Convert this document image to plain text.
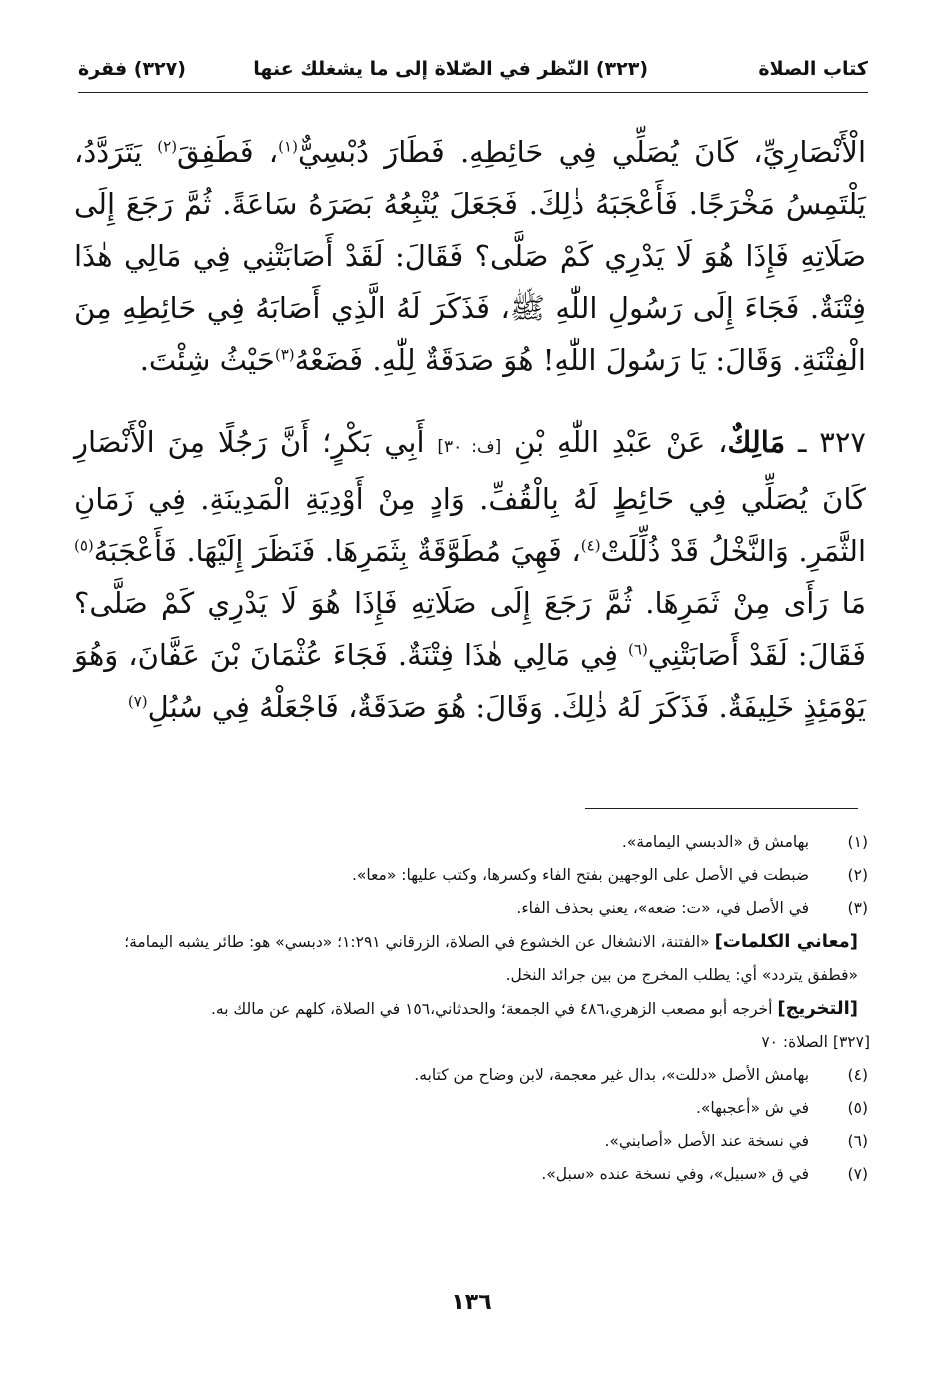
كتاب الصلاة
(٣٢٣) النّظر في الصّلاة إلى ما يشغلك عنها
(٣٢٧) فقرة

الْأَنْصَارِيِّ، كَانَ يُصَلِّي فِي حَائِطِهِ. فَطَارَ دُبْسِيٌّ$^{(١)}$، فَطَفِقَ$^{(٢)}$ يَتَرَدَّدُ، يَلْتَمِسُ مَخْرَجًا. فَأَعْجَبَهُ ذٰلِكَ. فَجَعَلَ يُتْبِعُهُ بَصَرَهُ سَاعَةً. ثُمَّ رَجَعَ إِلَى صَلَاتِهِ فَإِذَا هُوَ لَا يَدْرِي كَمْ صَلَّى؟ فَقَالَ: لَقَدْ أَصَابَتْنِي فِي مَالِي هٰذَا فِتْنَةٌ. فَجَاءَ إِلَى رَسُولِ اللّٰهِ ﷺ، فَذَكَرَ لَهُ الَّذِي أَصَابَهُ فِي حَائِطِهِ مِنَ الْفِتْنَةِ. وَقَالَ: يَا رَسُولَ اللّٰهِ! هُوَ صَدَقَةٌ لِلّٰهِ. فَضَعْهُ$^{(٣)}$حَيْثُ شِئْتَ.

٣٢٧ ـ مَالِكٌ، عَنْ عَبْدِ اللّٰهِ بْنِ [ف: ٣٠] أَبِي بَكْرٍ؛ أَنَّ رَجُلًا مِنَ الْأَنْصَارِ كَانَ يُصَلِّي فِي حَائِطٍ لَهُ بِالْقُفِّ. وَادٍ مِنْ أَوْدِيَةِ الْمَدِينَةِ. فِي زَمَانِ الثَّمَرِ. وَالنَّخْلُ قَدْ ذُلِّلَتْ$^{(٤)}$، فَهِيَ مُطَوَّقَةٌ بِثَمَرِهَا. فَنَظَرَ إِلَيْهَا. فَأَعْجَبَهُ$^{(٥)}$ مَا رَأَى مِنْ ثَمَرِهَا. ثُمَّ رَجَعَ إِلَى صَلَاتِهِ فَإِذَا هُوَ لَا يَدْرِي كَمْ صَلَّى؟ فَقَالَ: لَقَدْ أَصَابَتْنِي$^{(٦)}$ فِي مَالِي هٰذَا فِتْنَةٌ. فَجَاءَ عُثْمَانَ بْنَ عَفَّانَ، وَهُوَ يَوْمَئِذٍ خَلِيفَةٌ. فَذَكَرَ لَهُ ذٰلِكَ. وَقَالَ: هُوَ صَدَقَةٌ، فَاجْعَلْهُ فِي سُبُلِ$^{(٧)}$

(١) بهامش ق «الدبسي اليمامة».
(٢) ضبطت في الأصل على الوجهين بفتح الفاء وكسرها، وكتب عليها: «معا».
(٣) في الأصل في، «ت: ضعه»، يعني بحذف الفاء.
[معاني الكلمات] «الفتنة، الانشغال عن الخشوع في الصلاة، الزرقاني ١:٢٩١؛ «دبسي» هو: طائر يشبه اليمامة؛ «فطفق يتردد» أي: يطلب المخرج من بين جرائد النخل.
[التخريج] أخرجه أبو مصعب الزهري،٤٨٦ في الجمعة؛ والحدثاني،١٥٦ في الصلاة، كلهم عن مالك به.
[٣٢٧] الصلاة: ٧٠
(٤) بهامش الأصل «دللت»، بدال غير معجمة، لابن وضاح من كتابه.
(٥) في ش «أعجبها».
(٦) في نسخة عند الأصل «أصابني».
(٧) في ق «سبيل»، وفي نسخة عنده «سبل».
١٣٦
